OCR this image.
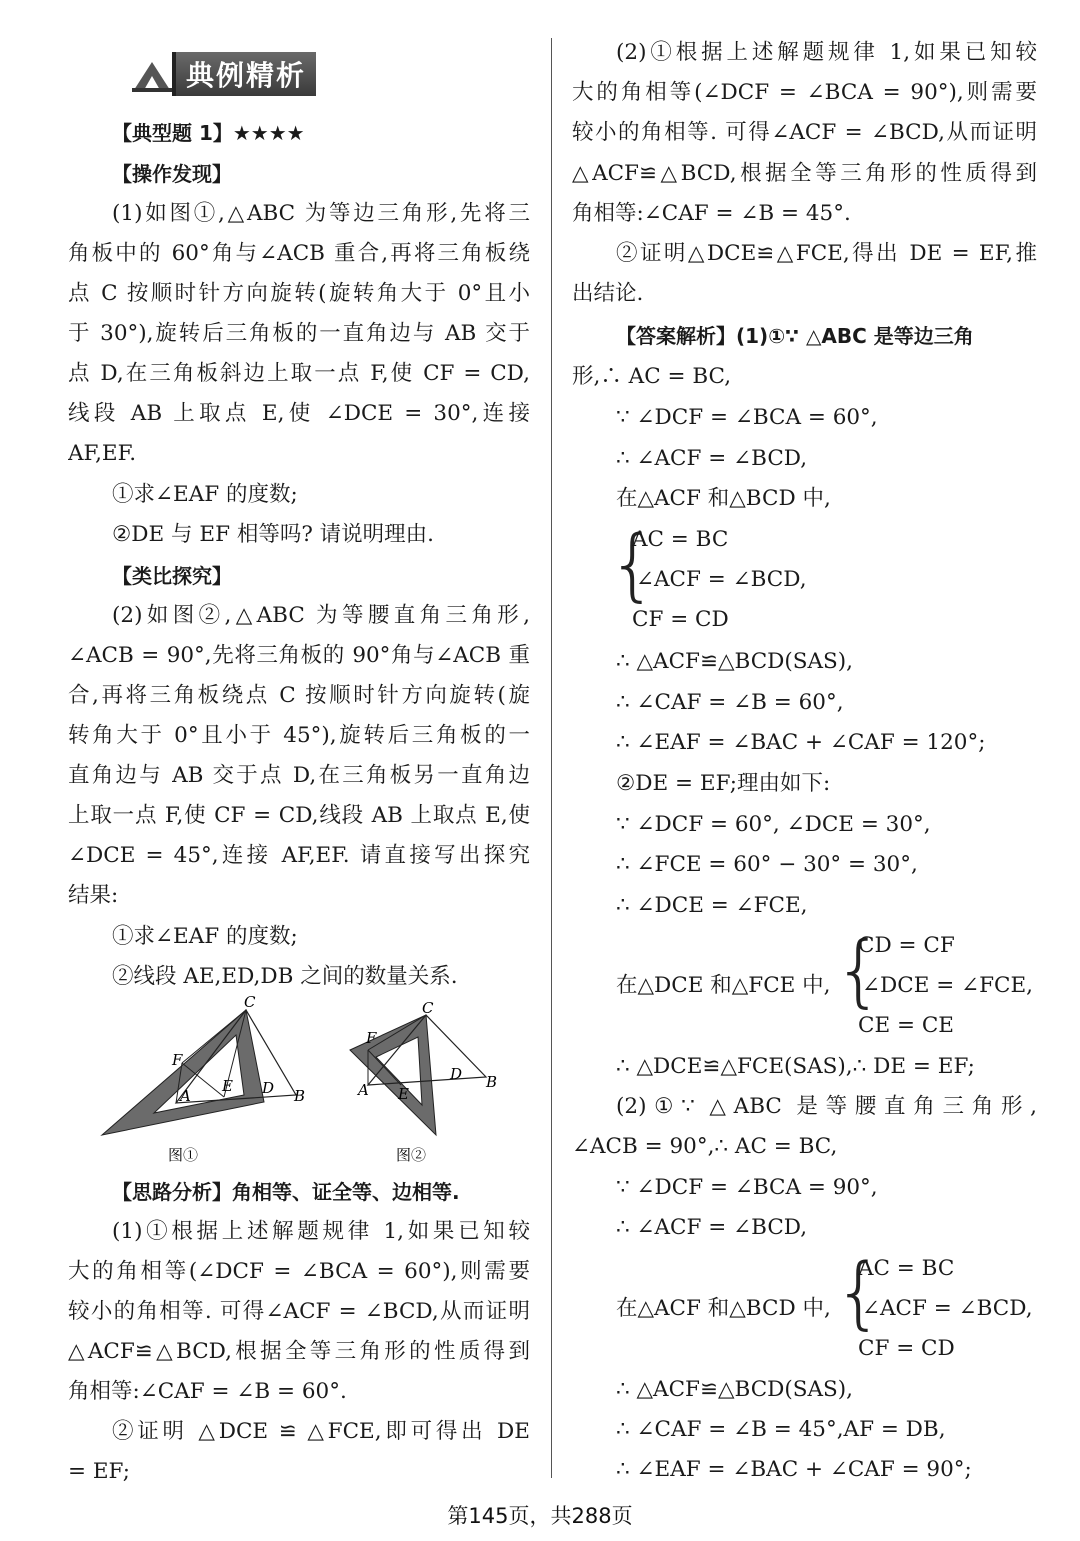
典例精析
【典型题 1】★★★★
【操作发现】
(1)如图①,△ABC 为等边三角形,先将三
角板中的 60°角与∠ACB 重合,再将三角板绕
点 C 按顺时针方向旋转(旋转角大于 0°且小
于 30°),旋转后三角板的一直角边与 AB 交于
点 D,在三角板斜边上取一点 F,使 CF = CD,
线段 AB 上取点 E,使 ∠DCE = 30°,连接
AF,EF.
①求∠EAF 的度数;
②DE 与 EF 相等吗? 请说明理由.
【类比探究】
(2)如图②,△ABC 为等腰直角三角形,
∠ACB = 90°,先将三角板的 90°角与∠ACB 重
合,再将三角板绕点 C 按顺时针方向旋转(旋
转角大于 0°且小于 45°),旋转后三角板的一
直角边与 AB 交于点 D,在三角板另一直角边
上取一点 F,使 CF = CD,线段 AB 上取点 E,使
∠DCE = 45°,连接 AF,EF. 请直接写出探究
结果:
①求∠EAF 的度数;
②线段 AE,ED,DB 之间的数量关系.
【思路分析】角相等、证全等、边相等.
(1)①根据上述解题规律 1,如果已知较
大的角相等(∠DCF = ∠BCA = 60°),则需要
较小的角相等. 可得∠ACF = ∠BCD,从而证明
△ACF≌△BCD,根据全等三角形的性质得到
角相等:∠CAF = ∠B = 60°.
②证明 △DCE ≌ △FCE,即可得出 DE
= EF;
C
F
E
A	D B
图①
C
F
D
A E
B
图②
(2)①根据上述解题规律 1,如果已知较
大的角相等(∠DCF = ∠BCA = 90°),则需要
较小的角相等. 可得∠ACF = ∠BCD,从而证明
△ACF≌△BCD,根据全等三角形的性质得到
角相等:∠CAF = ∠B = 45°.
②证明△DCE≌△FCE,得出 DE = EF,推
出结论.
【答案解析】(1)①∵ △ABC 是等边三角
形,∴ AC = BC,
∵ ∠DCF = ∠BCA = 60°,
∴ ∠ACF = ∠BCD,
在△ACF 和△BCD 中,
{
AC = BC
∠ACF = ∠BCD,
CF = CD
∴ △ACF≌△BCD(SAS),
∴ ∠CAF = ∠B = 60°,
∴ ∠EAF = ∠BAC + ∠CAF = 120°;
②DE = EF;理由如下:
∵ ∠DCF = 60°, ∠DCE = 30°,
∴ ∠FCE = 60° − 30° = 30°,
∴ ∠DCE = ∠FCE,
{
CD = CF
在△DCE 和△FCE 中,	∠DCE = ∠FCE,
CE = CE
∴ △DCE≌△FCE(SAS),∴ DE = EF;
(2)①∵ △ABC 是等腰直角三角形,
∠ACB = 90°,∴ AC = BC,
∵ ∠DCF = ∠BCA = 90°,
∴ ∠ACF = ∠BCD,
{
AC = BC
在△ACF 和△BCD 中,	∠ACF = ∠BCD,
CF = CD
∴ △ACF≌△BCD(SAS),
∴ ∠CAF = ∠B = 45°,AF = DB,
∴ ∠EAF = ∠BAC + ∠CAF = 90°;
第145页，共288页
